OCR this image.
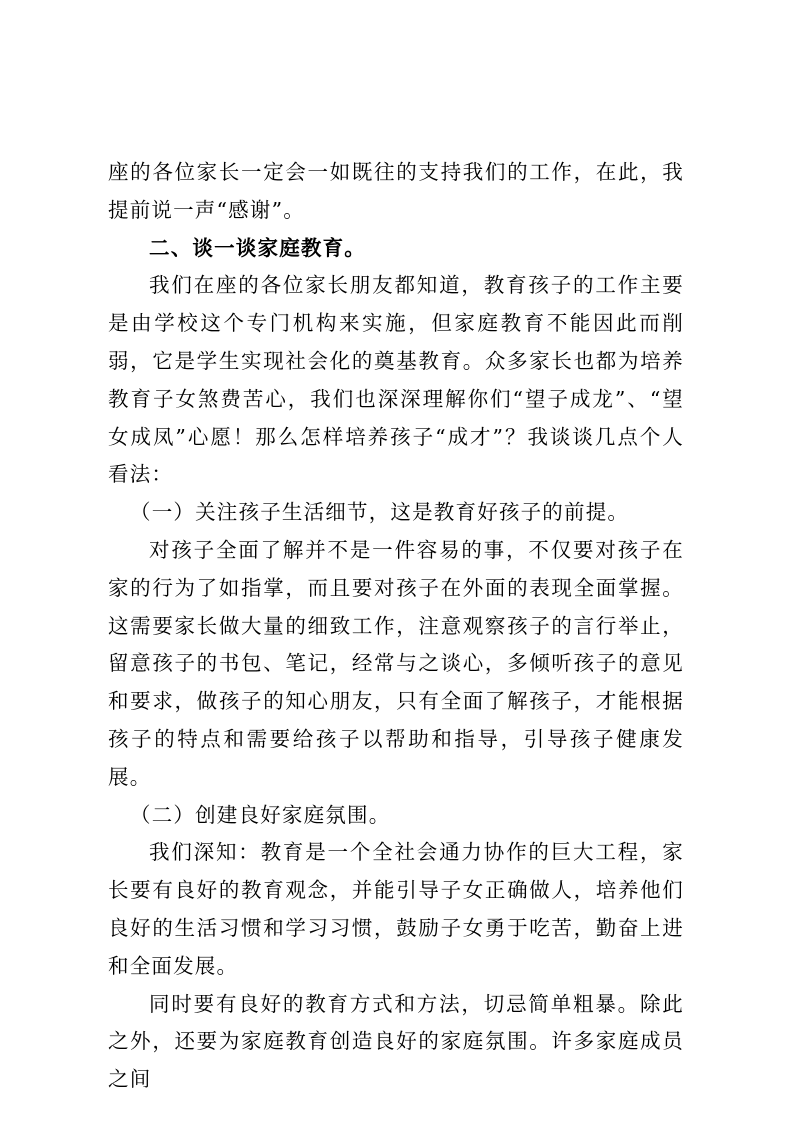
座的各位家长一定会一如既往的支持我们的工作，在此，我提前说一声“感谢”。

二、谈一谈家庭教育。

我们在座的各位家长朋友都知道，教育孩子的工作主要是由学校这个专门机构来实施，但家庭教育不能因此而削弱，它是学生实现社会化的奠基教育。众多家长也都为培养教育子女煞费苦心，我们也深深理解你们“望子成龙”、“望女成凤”心愿！那么怎样培养孩子“成才”？我谈谈几点个人看法：

（一）关注孩子生活细节，这是教育好孩子的前提。

对孩子全面了解并不是一件容易的事，不仅要对孩子在家的行为了如指掌，而且要对孩子在外面的表现全面掌握。这需要家长做大量的细致工作，注意观察孩子的言行举止，留意孩子的书包、笔记，经常与之谈心，多倾听孩子的意见和要求，做孩子的知心朋友，只有全面了解孩子，才能根据孩子的特点和需要给孩子以帮助和指导，引导孩子健康发展。

（二）创建良好家庭氛围。

我们深知：教育是一个全社会通力协作的巨大工程，家长要有良好的教育观念，并能引导子女正确做人，培养他们良好的生活习惯和学习习惯，鼓励子女勇于吃苦，勤奋上进和全面发展。

同时要有良好的教育方式和方法，切忌简单粗暴。除此之外，还要为家庭教育创造良好的家庭氛围。许多家庭成员之间
